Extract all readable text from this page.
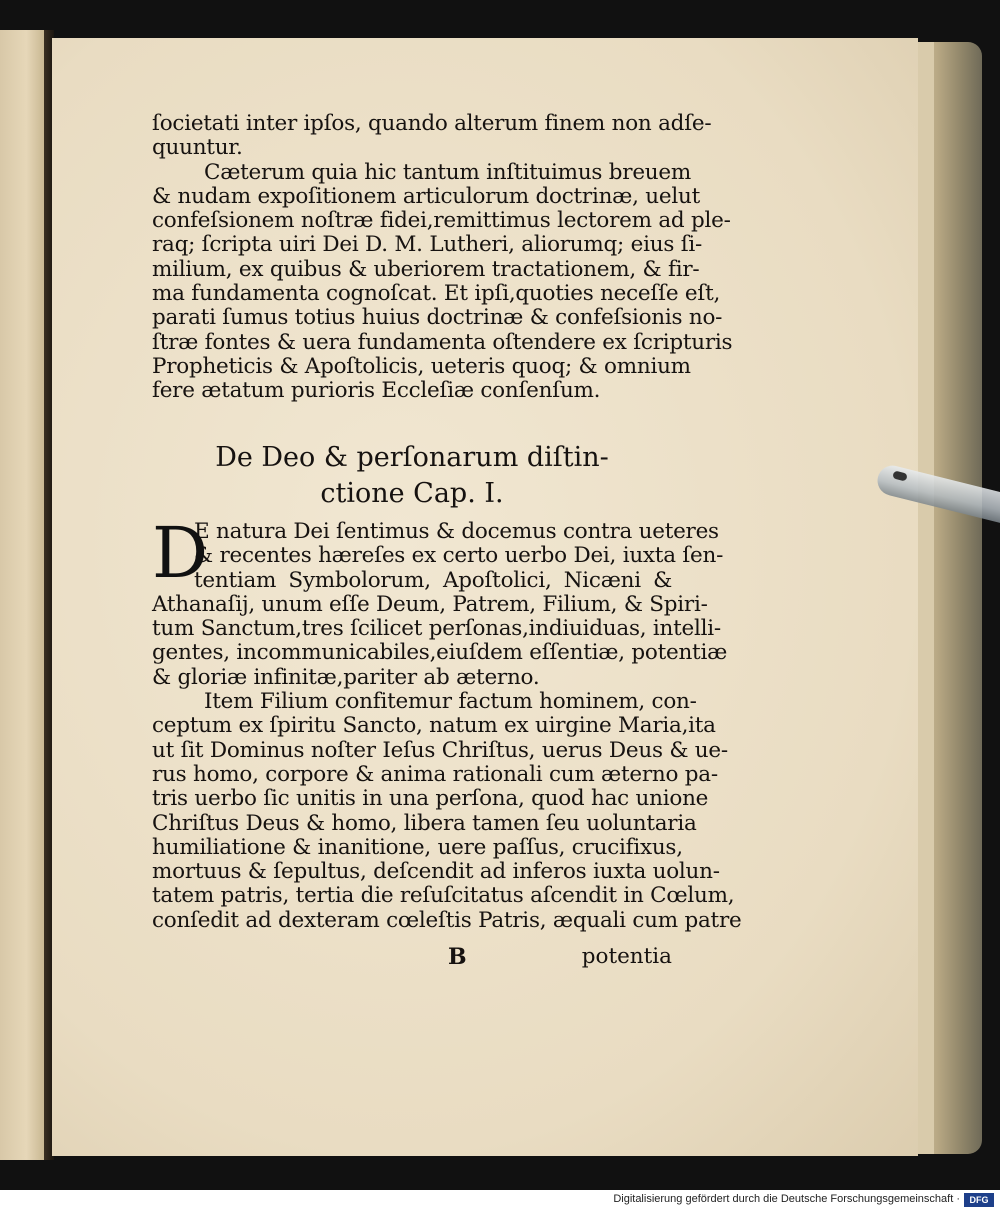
ſocietati inter ipſos, quando alterum finem non adſe-
quuntur.
Cæterum quia hic tantum inſtituimus breuem
& nudam expoſitionem articulorum doctrinæ, uelut
confeſsionem noſtræ fidei,remittimus lectorem ad ple-
raq; ſcripta uiri Dei D. M. Lutheri, aliorumq; eius ſi-
milium, ex quibus & uberiorem tractationem, & fir-
ma fundamenta cognoſcat. Et ipſi,quoties neceſſe eſt,
parati ſumus totius huius doctrinæ & confeſsionis no-
ſtræ fontes & uera fundamenta oſtendere ex ſcripturis
Propheticis & Apoſtolicis, ueteris quoq; & omnium
fere ætatum purioris Eccleſiæ conſenſum.
De Deo & perſonarum diſtin-
ctione Cap. I.
D
E natura Dei ſentimus & docemus contra ueteres
& recentes hæreſes ex certo uerbo Dei, iuxta ſen-
tentiam Symbolorum, Apoſtolici, Nicæni &
Athanaſij, unum eſſe Deum, Patrem, Filium, & Spiri-
tum Sanctum,tres ſcilicet perſonas,indiuiduas, intelli-
gentes, incommunicabiles,eiuſdem eſſentiæ, potentiæ
& gloriæ infinitæ,pariter ab æterno.
Item Filium confitemur factum hominem, con-
ceptum ex ſpiritu Sancto, natum ex uirgine Maria,ita
ut ſit Dominus noſter Ieſus Chriſtus, uerus Deus & ue-
rus homo, corpore & anima rationali cum æterno pa-
tris uerbo ſic unitis in una perſona, quod hac unione
Chriſtus Deus & homo, libera tamen ſeu uoluntaria
humiliatione & inanitione, uere paſſus, crucifixus,
mortuus & ſepultus, deſcendit ad inferos iuxta uolun-
tatem patris, tertia die reſuſcitatus aſcendit in Cœlum,
conſedit ad dexteram cœleſtis Patris, æquali cum patre
B	potentia
Digitalisierung gefördert durch die Deutsche Forschungsgemeinschaft ·	DFG
